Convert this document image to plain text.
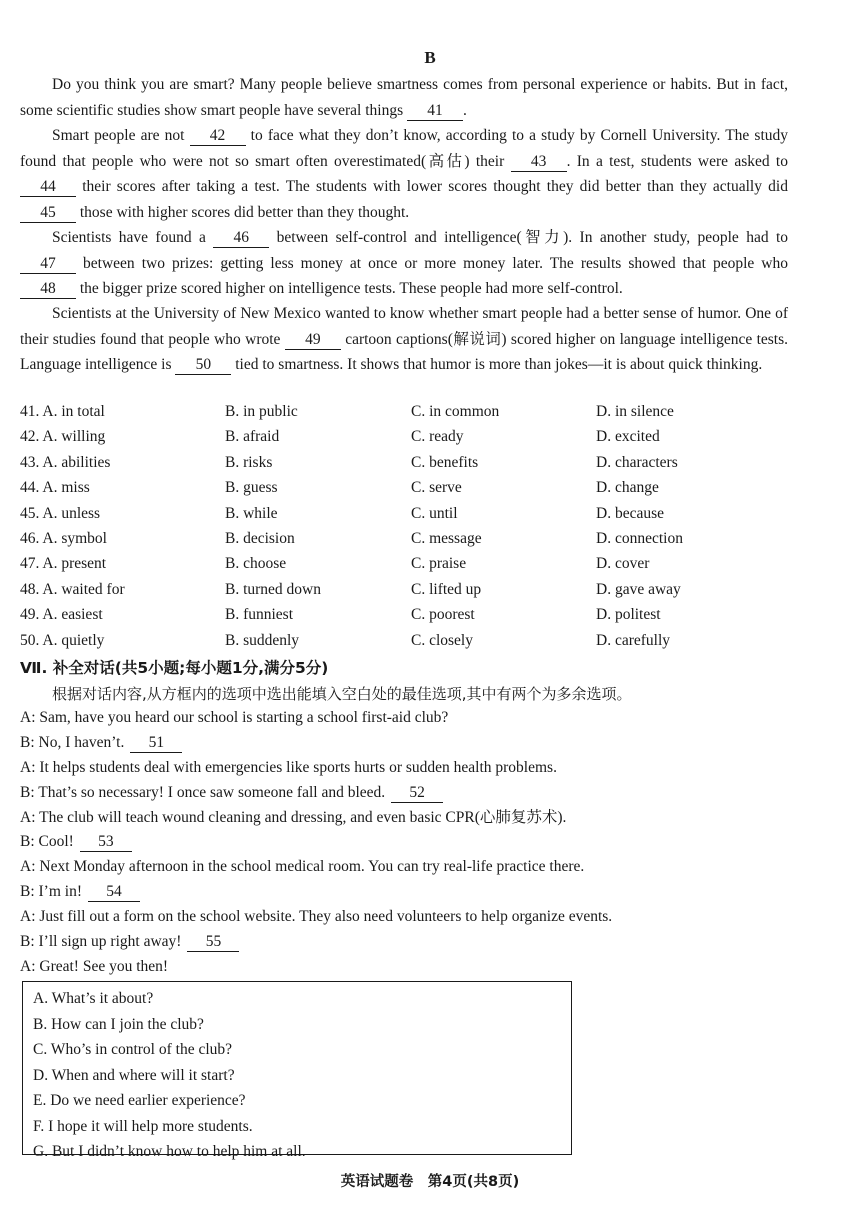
B

Do you think you are smart? Many people believe smartness comes from personal experience or habits. But in fact, some scientific studies show smart people have several things 41 .

Smart people are not 42 to face what they don’t know, according to a study by Cornell University. The study found that people who were not so smart often overestimated(高估) their 43 . In a test, students were asked to 44 their scores after taking a test. The students with lower scores thought they did better than they actually did 45 those with higher scores did better than they thought.

Scientists have found a 46 between self-control and intelligence(智力). In another study, people had to 47 between two prizes: getting less money at once or more money later. The results showed that people who 48 the bigger prize scored higher on intelligence tests. These people had more self-control.

Scientists at the University of New Mexico wanted to know whether smart people had a better sense of humor. One of their studies found that people who wrote 49 cartoon captions(解说词) scored higher on language intelligence tests. Language intelligence is 50 tied to smartness. It shows that humor is more than jokes—it is about quick thinking.

41. A. in total	B. in public	C. in common	D. in silence
42. A. willing	B. afraid	C. ready	D. excited
43. A. abilities	B. risks	C. benefits	D. characters
44. A. miss	B. guess	C. serve	D. change
45. A. unless	B. while	C. until	D. because
46. A. symbol	B. decision	C. message	D. connection
47. A. present	B. choose	C. praise	D. cover
48. A. waited for	B. turned down	C. lifted up	D. gave away
49. A. easiest	B. funniest	C. poorest	D. politest
50. A. quietly	B. suddenly	C. closely	D. carefully
Ⅶ. 补全对话(共5小题;每小题1分,满分5分)
根据对话内容,从方框内的选项中选出能填入空白处的最佳选项,其中有两个为多余选项。
A: Sam, have you heard our school is starting a school first-aid club?
B: No, I haven’t. 51
A: It helps students deal with emergencies like sports hurts or sudden health problems.
B: That’s so necessary! I once saw someone fall and bleed. 52
A: The club will teach wound cleaning and dressing, and even basic CPR(心肺复苏术).
B: Cool! 53
A: Next Monday afternoon in the school medical room. You can try real-life practice there.
B: I’m in! 54
A: Just fill out a form on the school website. They also need volunteers to help organize events.
B: I’ll sign up right away! 55
A: Great! See you then!
A. What’s it about?
B. How can I join the club?
C. Who’s in control of the club?
D. When and where will it start?
E. Do we need earlier experience?
F. I hope it will help more students.
G. But I didn’t know how to help him at all.
英语试题卷　第4页(共8页)
